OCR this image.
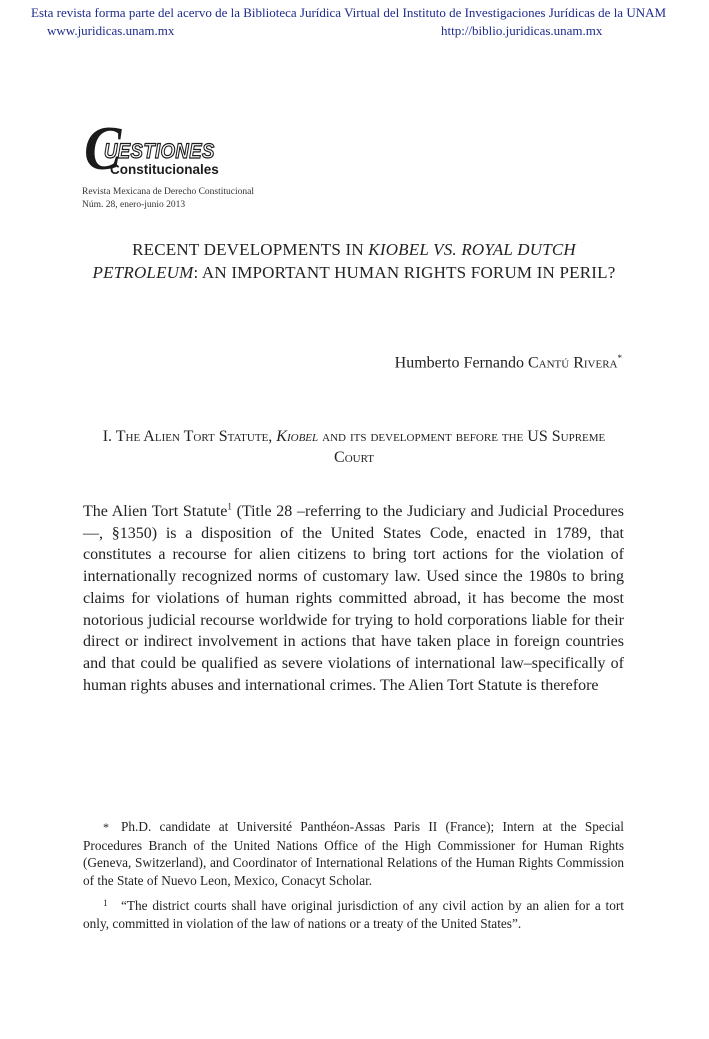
Esta revista forma parte del acervo de la Biblioteca Jurídica Virtual del Instituto de Investigaciones Jurídicas de la UNAM
www.juridicas.unam.mx	http://biblio.juridicas.unam.mx
C
UESTIONES
Constitucionales
Revista Mexicana de Derecho Constitucional
Núm. 28, enero-junio 2013
RECENT DEVELOPMENTS IN KIOBEL VS. ROYAL DUTCH PETROLEUM: AN IMPORTANT HUMAN RIGHTS FORUM IN PERIL?
Humberto Fernando Cantú Rivera*
I. The Alien Tort Statute, Kiobel and its development before the US Supreme Court
The Alien Tort Statute$^1$ (Title 28 –referring to the Judiciary and Judicial Procedures—, §1350) is a disposition of the United States Code, enacted in 1789, that constitutes a recourse for alien citizens to bring tort actions for the violation of internationally recognized norms of customary law. Used since the 1980s to bring claims for violations of human rights committed abroad, it has become the most notorious judicial recourse worldwide for trying to hold corporations liable for their direct or indirect involvement in actions that have taken place in foreign countries and that could be qualified as severe violations of international law–specifically of human rights abuses and international crimes. The Alien Tort Statute is therefore
* Ph.D. candidate at Université Panthéon-Assas Paris II (France); Intern at the Special Procedures Branch of the United Nations Office of the High Commissioner for Human Rights (Geneva, Switzerland), and Coordinator of International Relations of the Human Rights Commission of the State of Nuevo Leon, Mexico, Conacyt Scholar.
$^1$ “The district courts shall have original jurisdiction of any civil action by an alien for a tort only, committed in violation of the law of nations or a treaty of the United States”.
